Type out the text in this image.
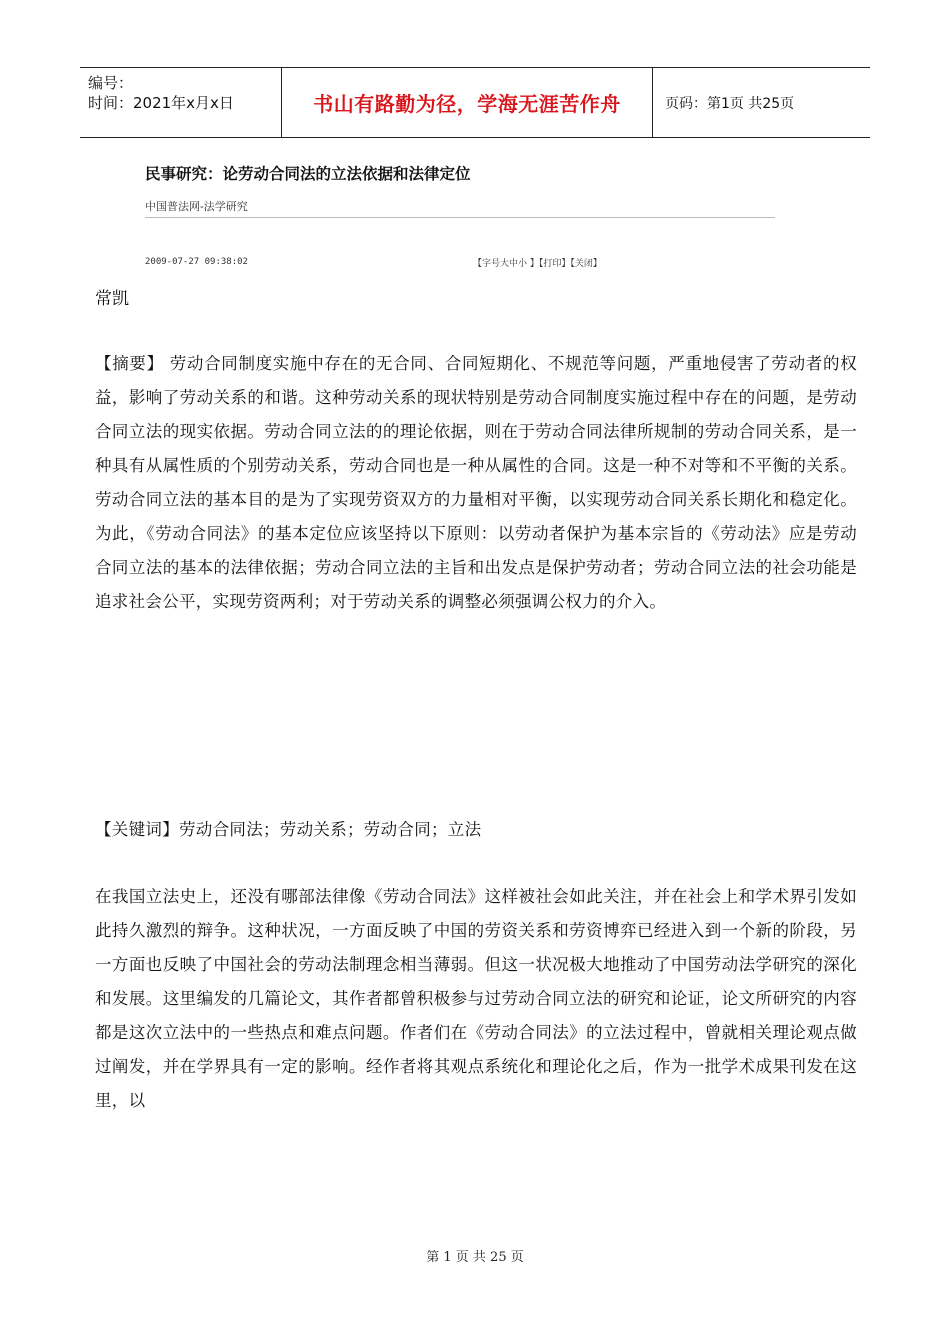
编号：
时间：2021年x月x日	书山有路勤为径，学海无涯苦作舟	页码：第1页 共25页
民事研究：论劳动合同法的立法依据和法律定位
中国普法网-法学研究
2009-07-27 09:38:02	【字号大中小 】【打印】【关闭】
常凯
【摘要】 劳动合同制度实施中存在的无合同、合同短期化、不规范等问题，严重地侵害了劳动者的权益，影响了劳动关系的和谐。这种劳动关系的现状特别是劳动合同制度实施过程中存在的问题，是劳动合同立法的现实依据。劳动合同立法的的理论依据，则在于劳动合同法律所规制的劳动合同关系，是一种具有从属性质的个别劳动关系，劳动合同也是一种从属性的合同。这是一种不对等和不平衡的关系。劳动合同立法的基本目的是为了实现劳资双方的力量相对平衡，以实现劳动合同关系长期化和稳定化。为此，《劳动合同法》的基本定位应该坚持以下原则：以劳动者保护为基本宗旨的《劳动法》应是劳动合同立法的基本的法律依据；劳动合同立法的主旨和出发点是保护劳动者；劳动合同立法的社会功能是追求社会公平，实现劳资两利；对于劳动关系的调整必须强调公权力的介入。
【关键词】劳动合同法；劳动关系；劳动合同；立法
在我国立法史上，还没有哪部法律像《劳动合同法》这样被社会如此关注，并在社会上和学术界引发如此持久激烈的辩争。这种状况，一方面反映了中国的劳资关系和劳资博弈已经进入到一个新的阶段，另一方面也反映了中国社会的劳动法制理念相当薄弱。但这一状况极大地推动了中国劳动法学研究的深化和发展。这里编发的几篇论文，其作者都曾积极参与过劳动合同立法的研究和论证，论文所研究的内容都是这次立法中的一些热点和难点问题。作者们在《劳动合同法》的立法过程中，曾就相关理论观点做过阐发，并在学界具有一定的影响。经作者将其观点系统化和理论化之后，作为一批学术成果刊发在这里，以
第 1 页 共 25 页
